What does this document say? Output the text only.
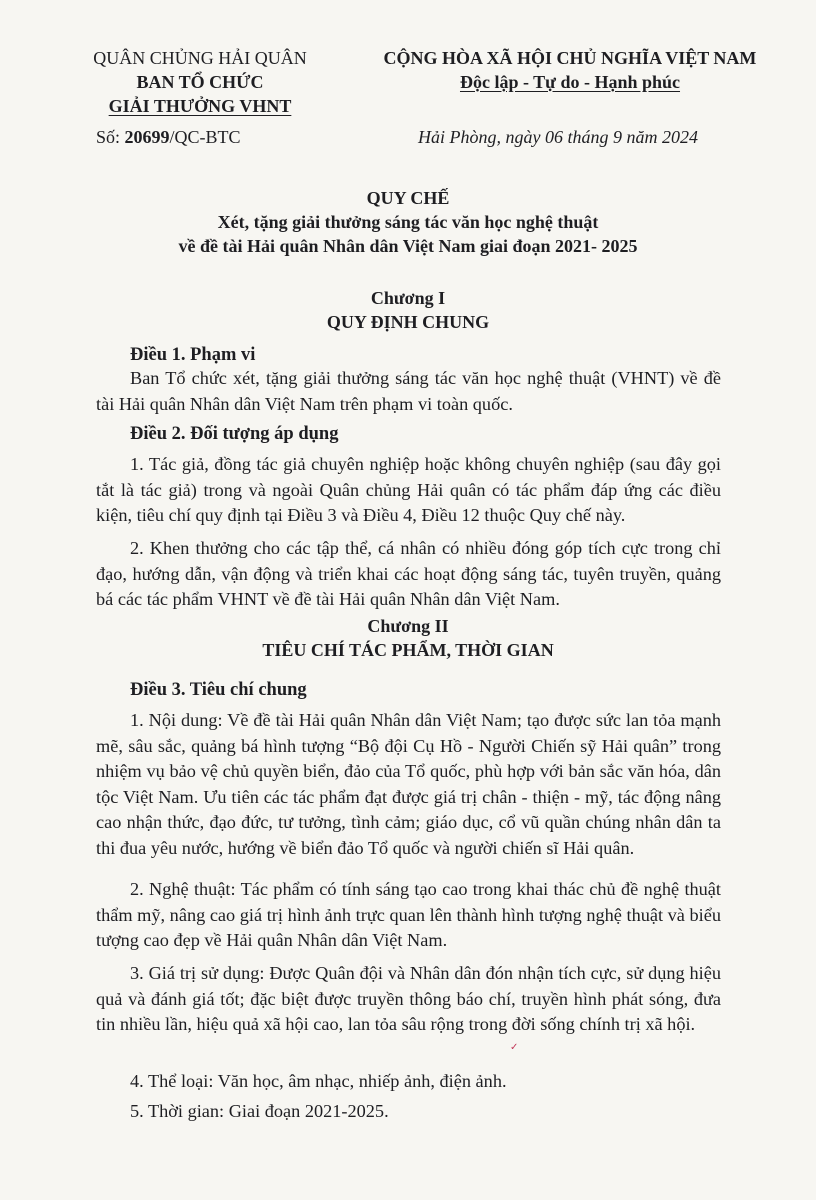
QUÂN CHỦNG HẢI QUÂN
BAN TỔ CHỨC
GIẢI THƯỞNG VHNT
CỘNG HÒA XÃ HỘI CHỦ NGHĨA VIỆT NAM
Độc lập - Tự do - Hạnh phúc
Số: 20699/QC-BTC	Hải Phòng, ngày 06 tháng 9 năm 2024
QUY CHẾ
Xét, tặng giải thưởng sáng tác văn học nghệ thuật
về đề tài Hải quân Nhân dân Việt Nam giai đoạn 2021- 2025
Chương I
QUY ĐỊNH CHUNG
Điều 1. Phạm vi
Ban Tổ chức xét, tặng giải thưởng sáng tác văn học nghệ thuật (VHNT) về đề tài Hải quân Nhân dân Việt Nam trên phạm vi toàn quốc.
Điều 2. Đối tượng áp dụng
1. Tác giả, đồng tác giả chuyên nghiệp hoặc không chuyên nghiệp (sau đây gọi tắt là tác giả) trong và ngoài Quân chủng Hải quân có tác phẩm đáp ứng các điều kiện, tiêu chí quy định tại Điều 3 và Điều 4, Điều 12 thuộc Quy chế này.
2. Khen thưởng cho các tập thể, cá nhân có nhiều đóng góp tích cực trong chỉ đạo, hướng dẫn, vận động và triển khai các hoạt động sáng tác, tuyên truyền, quảng bá các tác phẩm VHNT về đề tài Hải quân Nhân dân Việt Nam.
Chương II
TIÊU CHÍ TÁC PHẨM, THỜI GIAN
Điều 3. Tiêu chí chung
1. Nội dung: Về đề tài Hải quân Nhân dân Việt Nam; tạo được sức lan tỏa mạnh mẽ, sâu sắc, quảng bá hình tượng “Bộ đội Cụ Hồ - Người Chiến sỹ Hải quân” trong nhiệm vụ bảo vệ chủ quyền biển, đảo của Tổ quốc, phù hợp với bản sắc văn hóa, dân tộc Việt Nam. Ưu tiên các tác phẩm đạt được giá trị chân - thiện - mỹ, tác động nâng cao nhận thức, đạo đức, tư tưởng, tình cảm; giáo dục, cổ vũ quần chúng nhân dân ta thi đua yêu nước, hướng về biển đảo Tổ quốc và người chiến sĩ Hải quân.
2. Nghệ thuật: Tác phẩm có tính sáng tạo cao trong khai thác chủ đề nghệ thuật thẩm mỹ, nâng cao giá trị hình ảnh trực quan lên thành hình tượng nghệ thuật và biểu tượng cao đẹp về Hải quân Nhân dân Việt Nam.
3. Giá trị sử dụng: Được Quân đội và Nhân dân đón nhận tích cực, sử dụng hiệu quả và đánh giá tốt; đặc biệt được truyền thông báo chí, truyền hình phát sóng, đưa tin nhiều lần, hiệu quả xã hội cao, lan tỏa sâu rộng trong đời sống chính trị xã hội.
4. Thể loại: Văn học, âm nhạc, nhiếp ảnh, điện ảnh.
5. Thời gian: Giai đoạn 2021-2025.
✓
